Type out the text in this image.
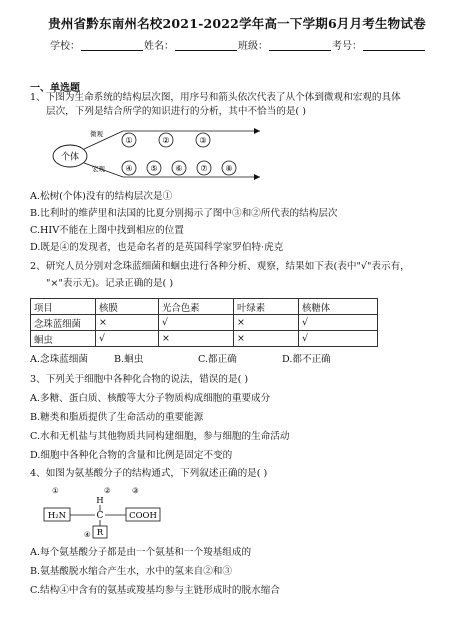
贵州省黔东南州名校2021-2022学年高一下学期6月月考生物试卷
学校：	姓名：	班级：	考号：
一、单选题
1、下图为生命系统的结构层次图，用序号和箭头依次代表了从个体到微观和宏观的具体
层次，下列是结合所学的知识进行的分析，其中不恰当的是( )
个体
微观
宏观
①	②	③
④ ⑤ ⑥ ⑦ ⑧
A.松树(个体)没有的结构层次是①
B.比利时的维萨里和法国的比夏分别揭示了图中③和②所代表的结构层次
C.HIV不能在上图中找到相应的位置
D.既是④的发现者，也是命名者的是英国科学家罗伯特·虎克
2、研究人员分别对念珠蓝细菌和蛔虫进行各种分析、观察，结果如下表(表中"√"表示有，
"×"表示无)。记录正确的是( )
项目	核膜	光合色素	叶绿素	核糖体
念珠蓝细菌	×	√	×	√
蛔虫	√	×	×	√
A.念珠蓝细菌	B.蛔虫	C.都正确	D.都不正确
3、下列关于细胞中各种化合物的说法，错误的是( )
A.多糖、蛋白质、核酸等大分子物质构成细胞的重要成分
B.糖类和脂质提供了生命活动的重要能源
C.水和无机盐与其他物质共同构建细胞，参与细胞的生命活动
D.细胞中各种化合物的含量和比例是固定不变的
4、如图为氨基酸分子的结构通式，下列叙述正确的是( )
①	②	③
④
H
H₂N	C	COOH
R
A.每个氨基酸分子都是由一个氨基和一个羧基组成的
B.氨基酸脱水缩合产生水，水中的氢来自②和③
C.结构④中含有的氨基或羧基均参与主链形成时的脱水缩合
